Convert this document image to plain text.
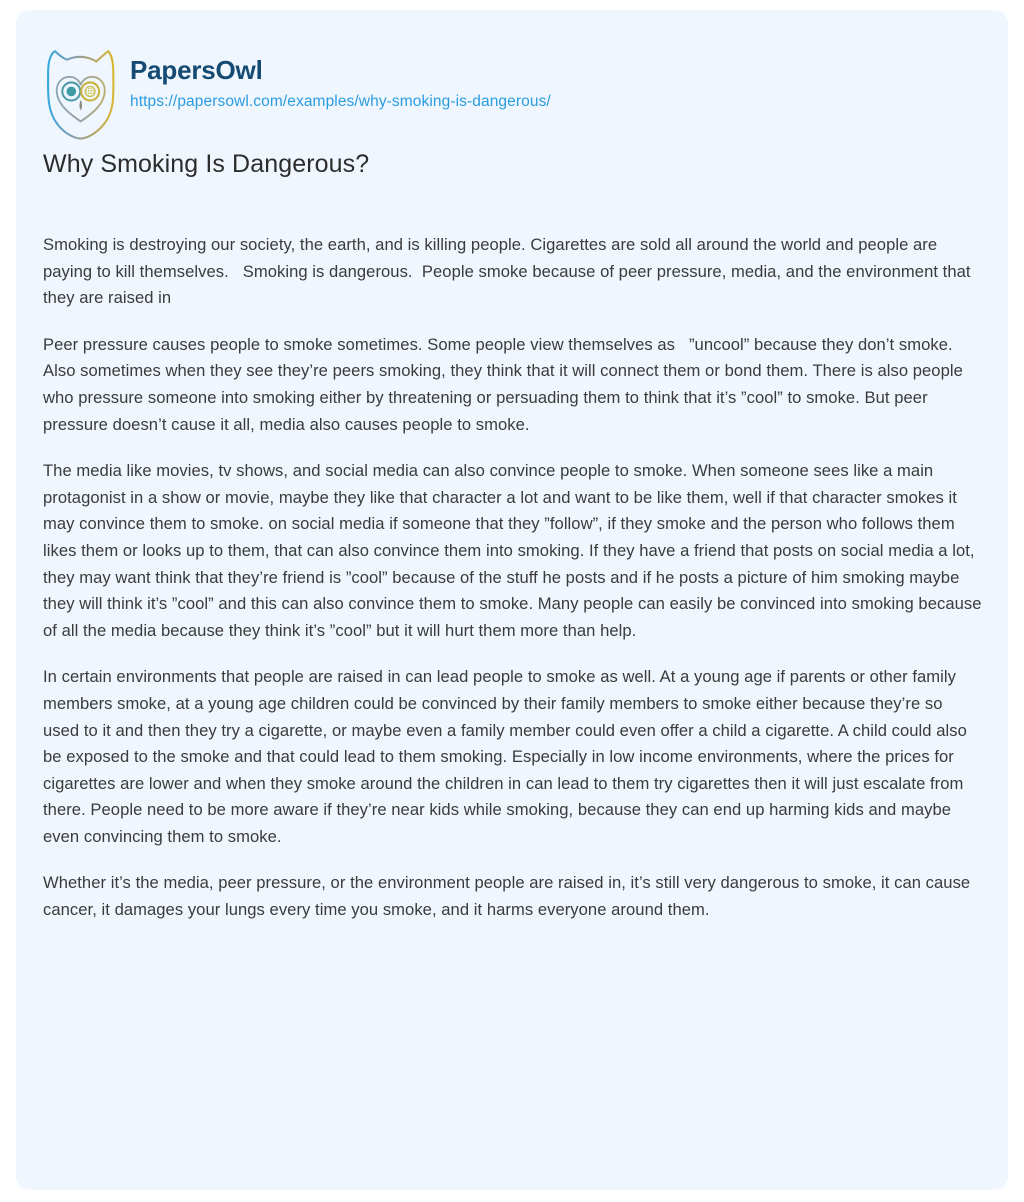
PapersOwl
https://papersowl.com/examples/why-smoking-is-dangerous/
Why Smoking Is Dangerous?

Smoking is destroying our society, the earth, and is killing people. Cigarettes are sold all around the world and people are paying to kill themselves.   Smoking is dangerous.  People smoke because of peer pressure, media, and the environment that they are raised in

Peer pressure causes people to smoke sometimes. Some people view themselves as   ”uncool” because they don’t smoke. Also sometimes when they see they’re peers smoking, they think that it will connect them or bond them. There is also people who pressure someone into smoking either by threatening or persuading them to think that it’s ”cool” to smoke. But peer pressure doesn’t cause it all, media also causes people to smoke.

The media like movies, tv shows, and social media can also convince people to smoke. When someone sees like a main protagonist in a show or movie, maybe they like that character a lot and want to be like them, well if that character smokes it may convince them to smoke. on social media if someone that they ”follow”, if they smoke and the person who follows them likes them or looks up to them, that can also convince them into smoking. If they have a friend that posts on social media a lot, they may want think that they’re friend is ”cool” because of the stuff he posts and if he posts a picture of him smoking maybe they will think it’s ”cool” and this can also convince them to smoke. Many people can easily be convinced into smoking because of all the media because they think it’s ”cool” but it will hurt them more than help.

In certain environments that people are raised in can lead people to smoke as well. At a young age if parents or other family members smoke, at a young age children could be convinced by their family members to smoke either because they’re so used to it and then they try a cigarette, or maybe even a family member could even offer a child a cigarette. A child could also be exposed to the smoke and that could lead to them smoking. Especially in low income environments, where the prices for cigarettes are lower and when they smoke around the children in can lead to them try cigarettes then it will just escalate from there. People need to be more aware if they’re near kids while smoking, because they can end up harming kids and maybe even convincing them to smoke.

Whether it’s the media, peer pressure, or the environment people are raised in, it’s still very dangerous to smoke, it can cause cancer, it damages your lungs every time you smoke, and it harms everyone around them.
